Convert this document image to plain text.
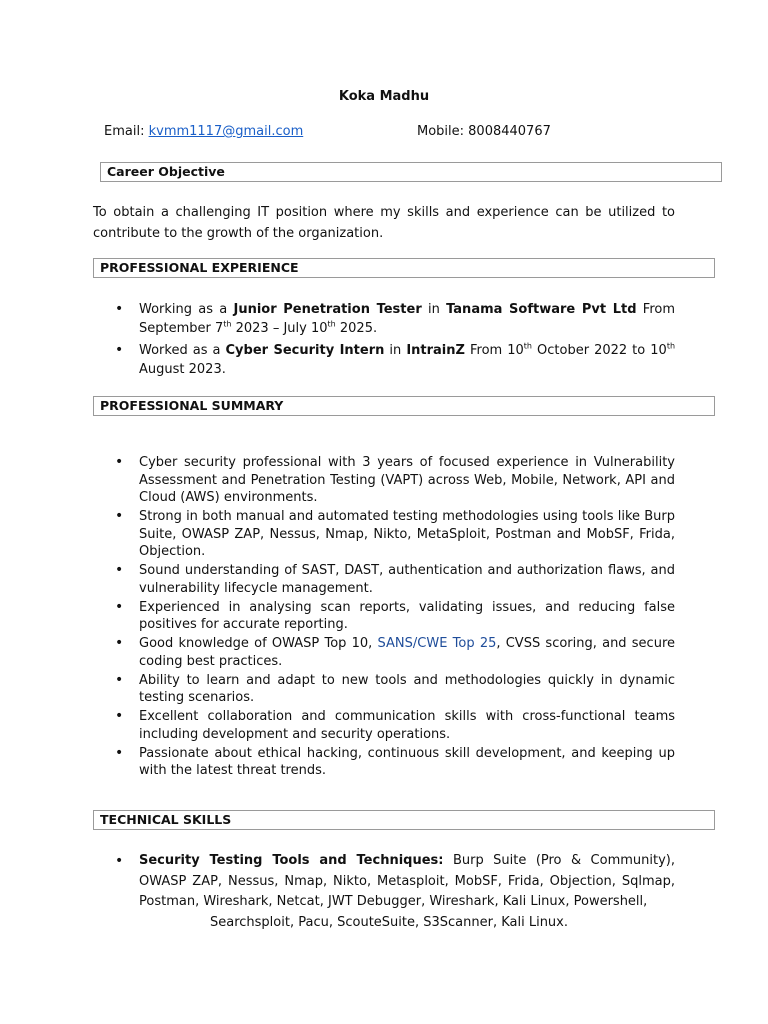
Koka Madhu
Email: kvmm1117@gmail.com	Mobile: 8008440767
Career Objective
To obtain a challenging IT position where my skills and experience can be utilized to contribute to the growth of the organization.
PROFESSIONAL EXPERIENCE
• Working as a Junior Penetration Tester in Tanama Software Pvt Ltd From September 7th 2023 – July 10th 2025.
• Worked as a Cyber Security Intern in IntrainZ From 10th October 2022 to 10th August 2023.
PROFESSIONAL SUMMARY
• Cyber security professional with 3 years of focused experience in Vulnerability Assessment and Penetration Testing (VAPT) across Web, Mobile, Network, API and Cloud (AWS) environments.
• Strong in both manual and automated testing methodologies using tools like Burp Suite, OWASP ZAP, Nessus, Nmap, Nikto, MetaSploit, Postman and MobSF, Frida, Objection.
• Sound understanding of SAST, DAST, authentication and authorization flaws, and vulnerability lifecycle management.
• Experienced in analysing scan reports, validating issues, and reducing false positives for accurate reporting.
• Good knowledge of OWASP Top 10, SANS/CWE Top 25, CVSS scoring, and secure coding best practices.
• Ability to learn and adapt to new tools and methodologies quickly in dynamic testing scenarios.
• Excellent collaboration and communication skills with cross-functional teams including development and security operations.
• Passionate about ethical hacking, continuous skill development, and keeping up with the latest threat trends.
TECHNICAL SKILLS
• Security Testing Tools and Techniques: Burp Suite (Pro & Community), OWASP ZAP, Nessus, Nmap, Nikto, Metasploit, MobSF, Frida, Objection, Sqlmap, Postman, Wireshark, Netcat, JWT Debugger, Wireshark, Kali Linux, Powershell,
Searchsploit, Pacu, ScouteSuite, S3Scanner, Kali Linux.
